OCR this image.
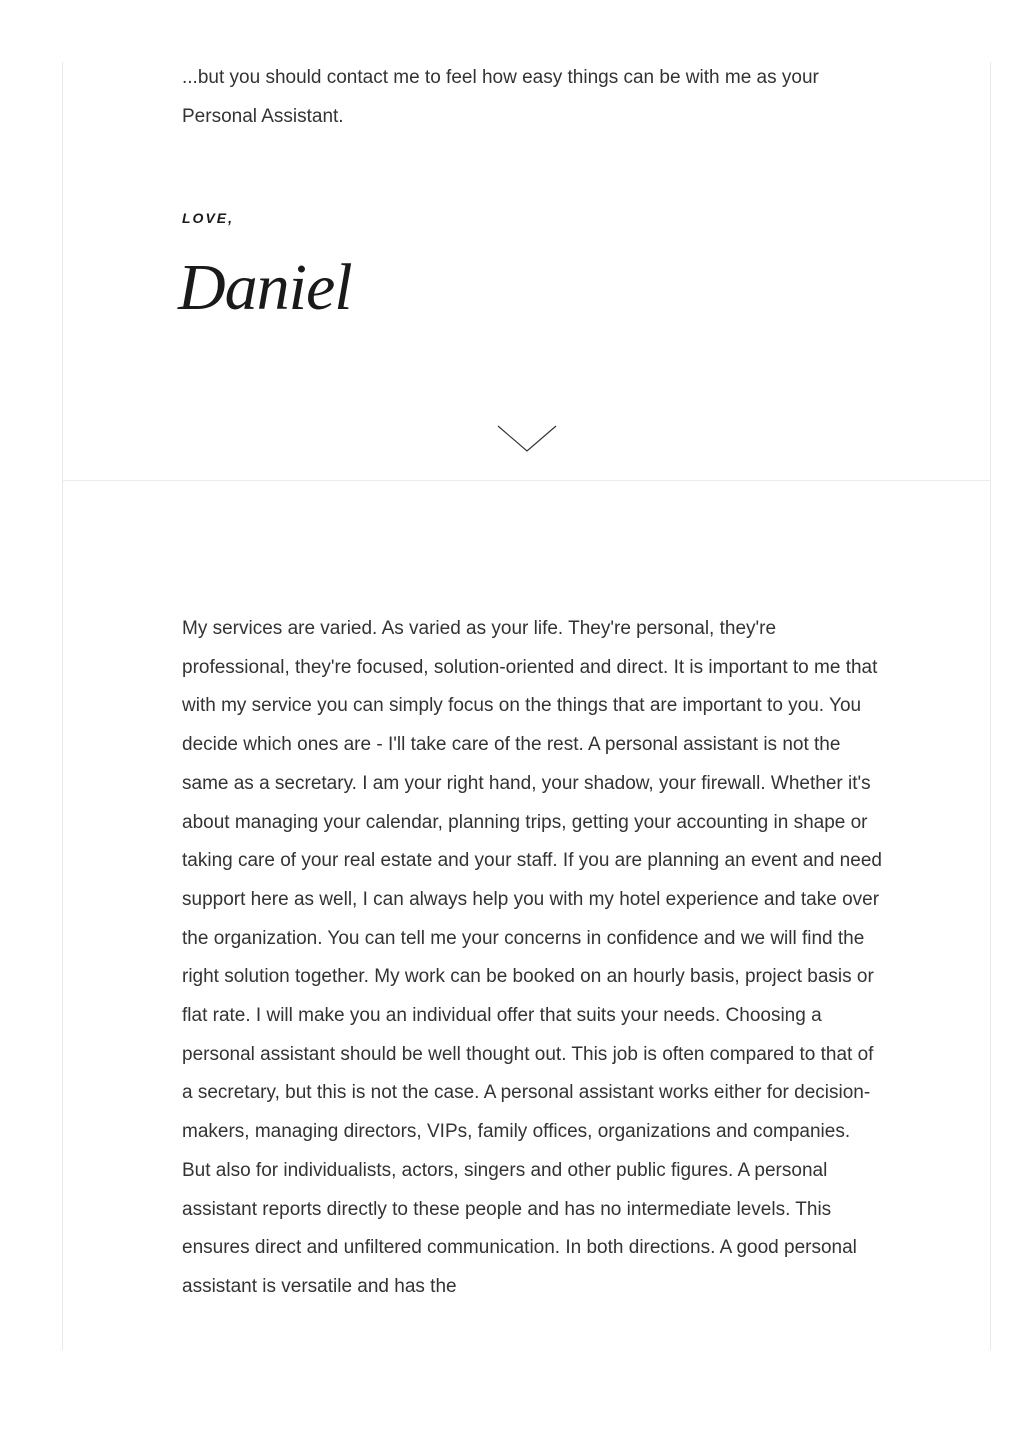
...but you should contact me to feel how easy things can be with me as your Personal Assistant.

LOVE,

Daniel

My services are varied. As varied as your life. They're personal, they're professional, they're focused, solution-oriented and direct. It is important to me that with my service you can simply focus on the things that are important to you. You decide which ones are - I'll take care of the rest. A personal assistant is not the same as a secretary. I am your right hand, your shadow, your firewall. Whether it's about managing your calendar, planning trips, getting your accounting in shape or taking care of your real estate and your staff. If you are planning an event and need support here as well, I can always help you with my hotel experience and take over the organization. You can tell me your concerns in confidence and we will find the right solution together. My work can be booked on an hourly basis, project basis or flat rate. I will make you an individual offer that suits your needs. Choosing a personal assistant should be well thought out. This job is often compared to that of a secretary, but this is not the case. A personal assistant works either for decision-makers, managing directors, VIPs, family offices, organizations and companies. But also for individualists, actors, singers and other public figures. A personal assistant reports directly to these people and has no intermediate levels. This ensures direct and unfiltered communication. In both directions. A good personal assistant is versatile and has the
